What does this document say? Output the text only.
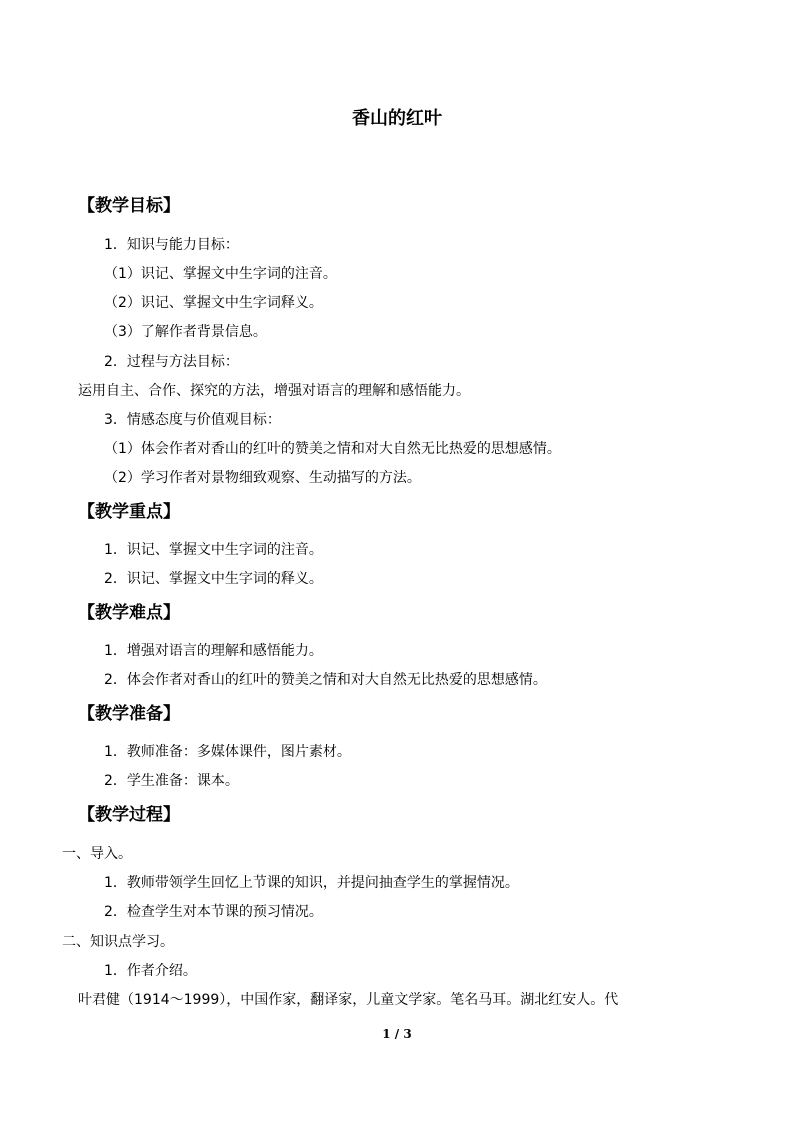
香山的红叶
【教学目标】
1．知识与能力目标：
（1）识记、掌握文中生字词的注音。
（2）识记、掌握文中生字词释义。
（3）了解作者背景信息。
2．过程与方法目标：
运用自主、合作、探究的方法，增强对语言的理解和感悟能力。
3．情感态度与价值观目标：
（1）体会作者对香山的红叶的赞美之情和对大自然无比热爱的思想感情。
（2）学习作者对景物细致观察、生动描写的方法。
【教学重点】
1．识记、掌握文中生字词的注音。
2．识记、掌握文中生字词的释义。
【教学难点】
1．增强对语言的理解和感悟能力。
2．体会作者对香山的红叶的赞美之情和对大自然无比热爱的思想感情。
【教学准备】
1．教师准备：多媒体课件，图片素材。
2．学生准备：课本。
【教学过程】
一、导入。
1．教师带领学生回忆上节课的知识，并提问抽查学生的掌握情况。
2．检查学生对本节课的预习情况。
二、知识点学习。
1．作者介绍。
叶君健（1914～1999），中国作家，翻译家，儿童文学家。笔名马耳。湖北红安人。代
1 / 3
